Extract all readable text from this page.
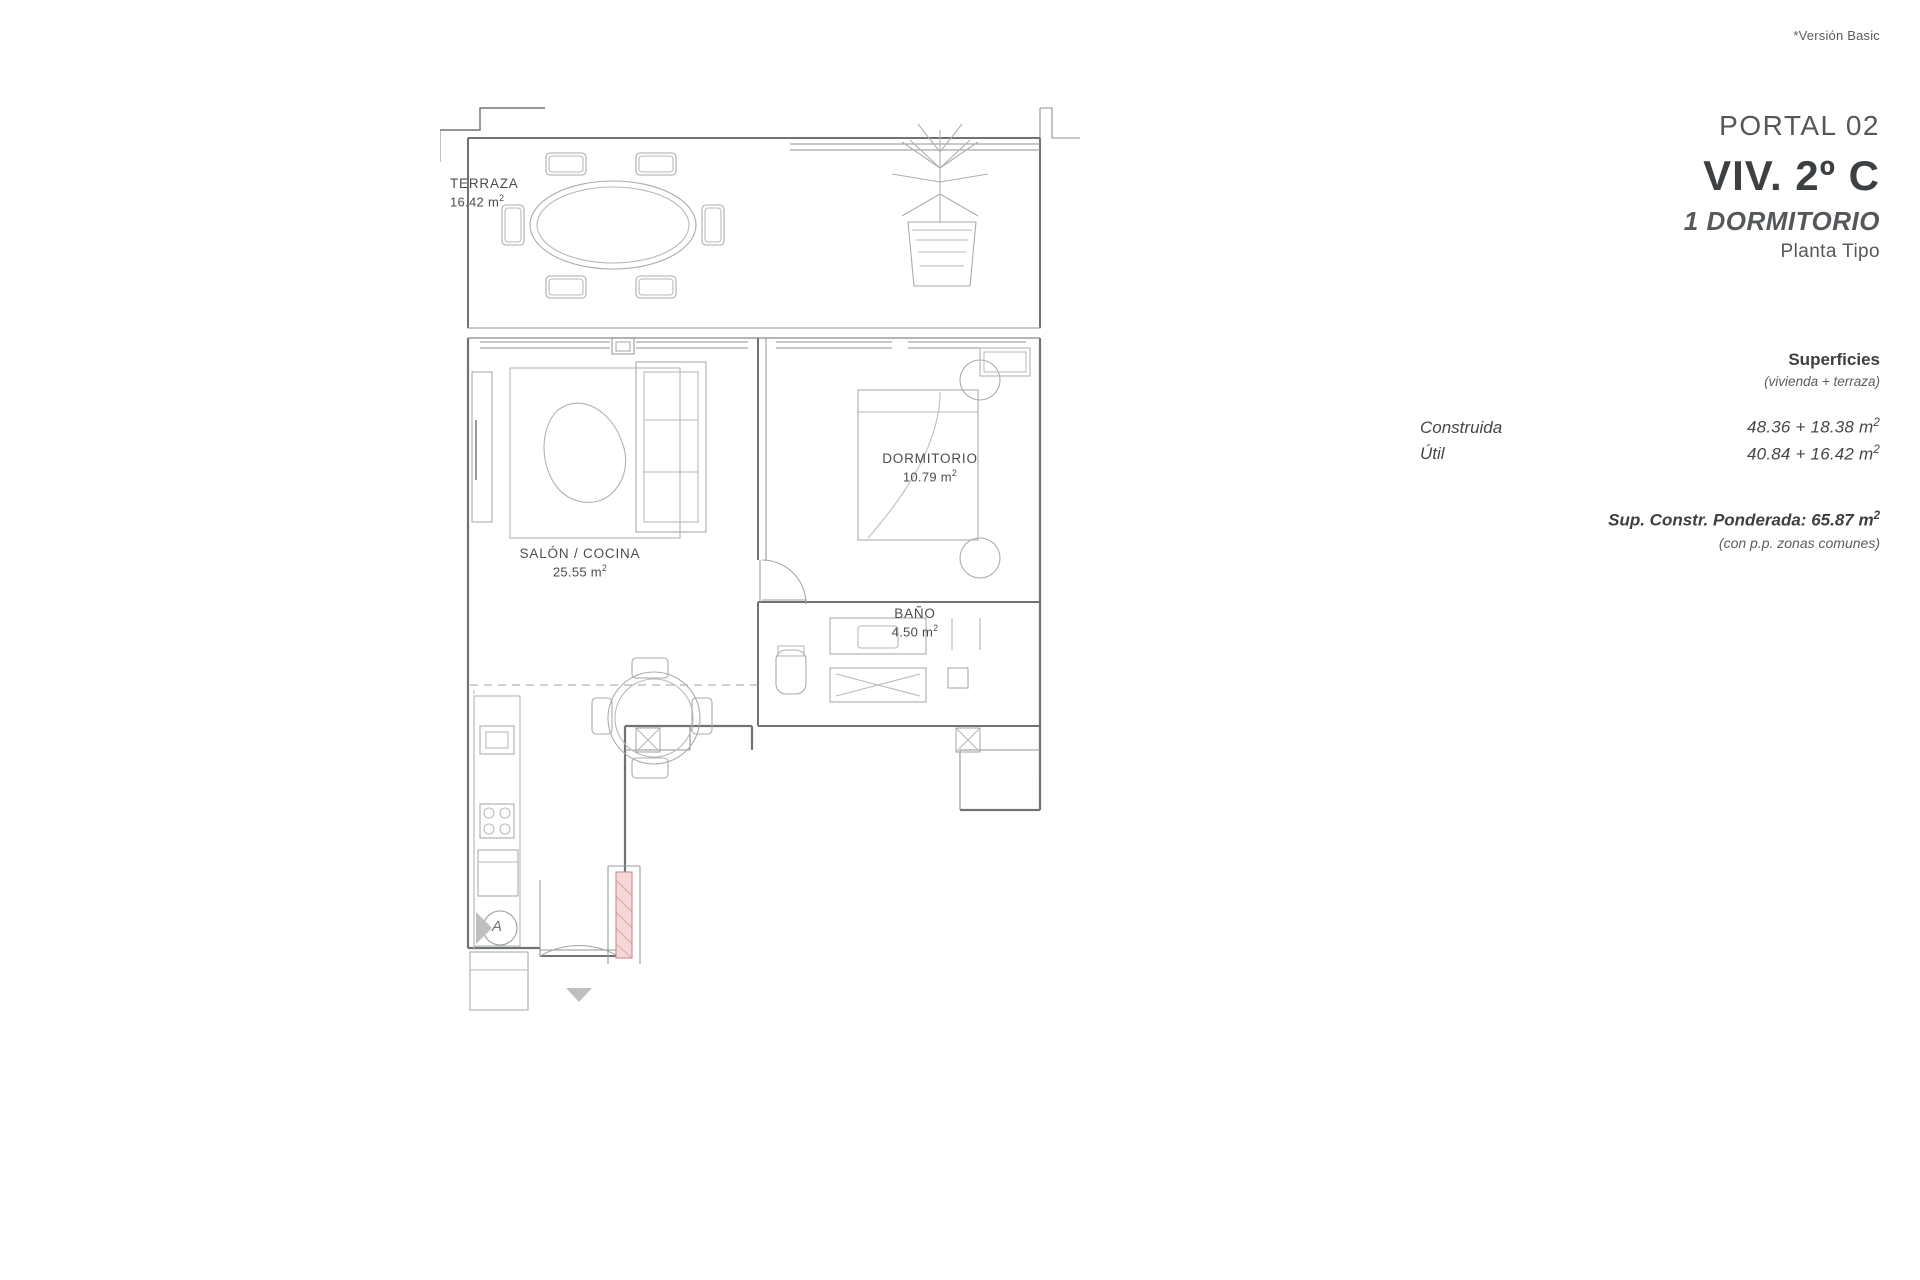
*Versión Basic
PORTAL 02
VIV. 2º C
1 DORMITORIO
Planta Tipo
Superficies
(vivienda + terraza)
Construida	48.36 + 18.38 $m^2$
Útil	40.84 + 16.42 $m^2$
Sup. Constr. Ponderada: 65.87 $m^2$
(con p.p. zonas comunes)
TERRAZA
16.42 $m^2$
SALÓN / COCINA
25.55 $m^2$
DORMITORIO
10.79 $m^2$
BAÑO
4.50 $m^2$
A
